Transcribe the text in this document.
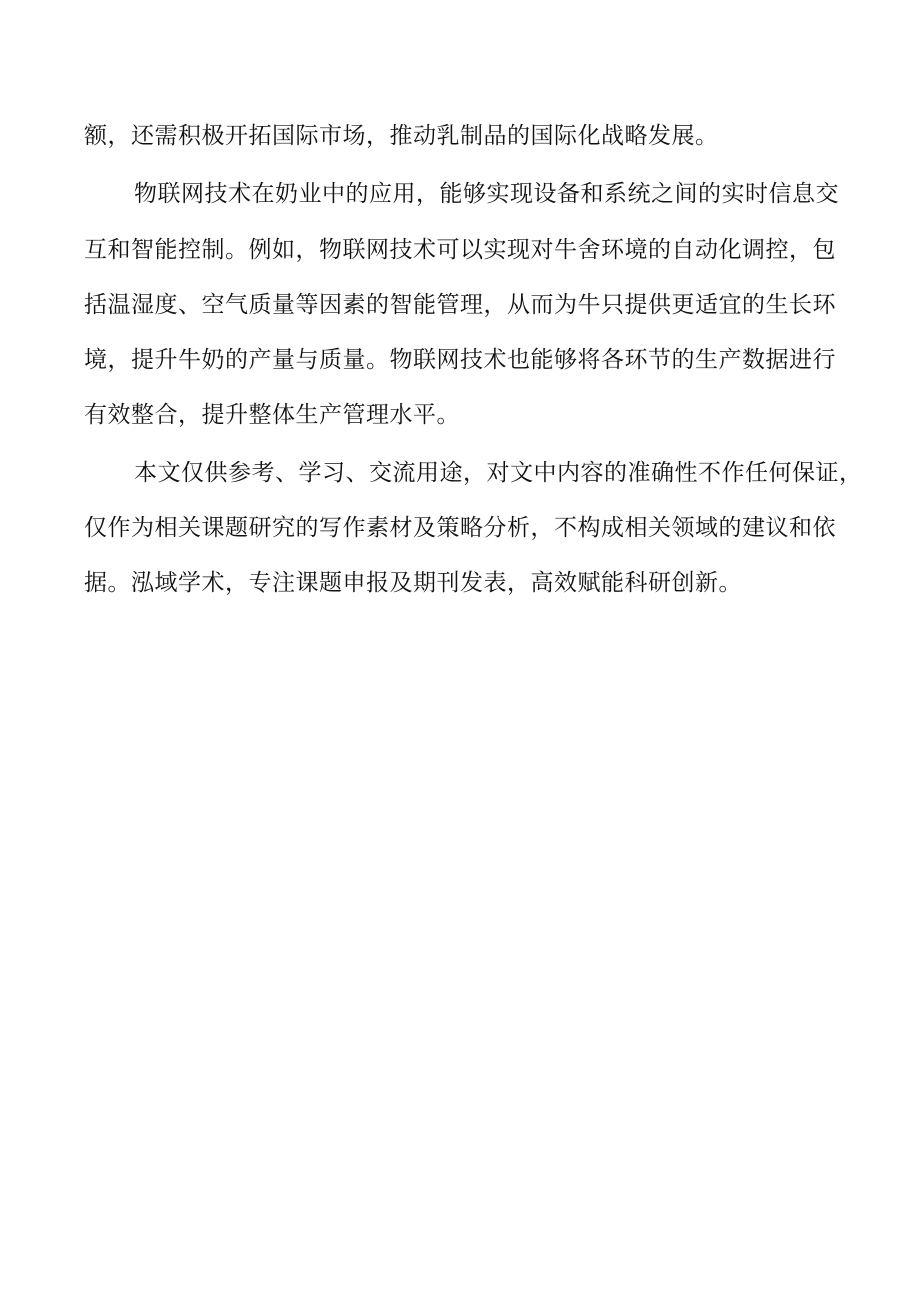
额，还需积极开拓国际市场，推动乳制品的国际化战略发展。
物联网技术在奶业中的应用，能够实现设备和系统之间的实时信息交
互和智能控制。例如，物联网技术可以实现对牛舍环境的自动化调控，包
括温湿度、空气质量等因素的智能管理，从而为牛只提供更适宜的生长环
境，提升牛奶的产量与质量。物联网技术也能够将各环节的生产数据进行
有效整合，提升整体生产管理水平。
本文仅供参考、学习、交流用途，对文中内容的准确性不作任何保证，
仅作为相关课题研究的写作素材及策略分析，不构成相关领域的建议和依
据。泓域学术，专注课题申报及期刊发表，高效赋能科研创新。
